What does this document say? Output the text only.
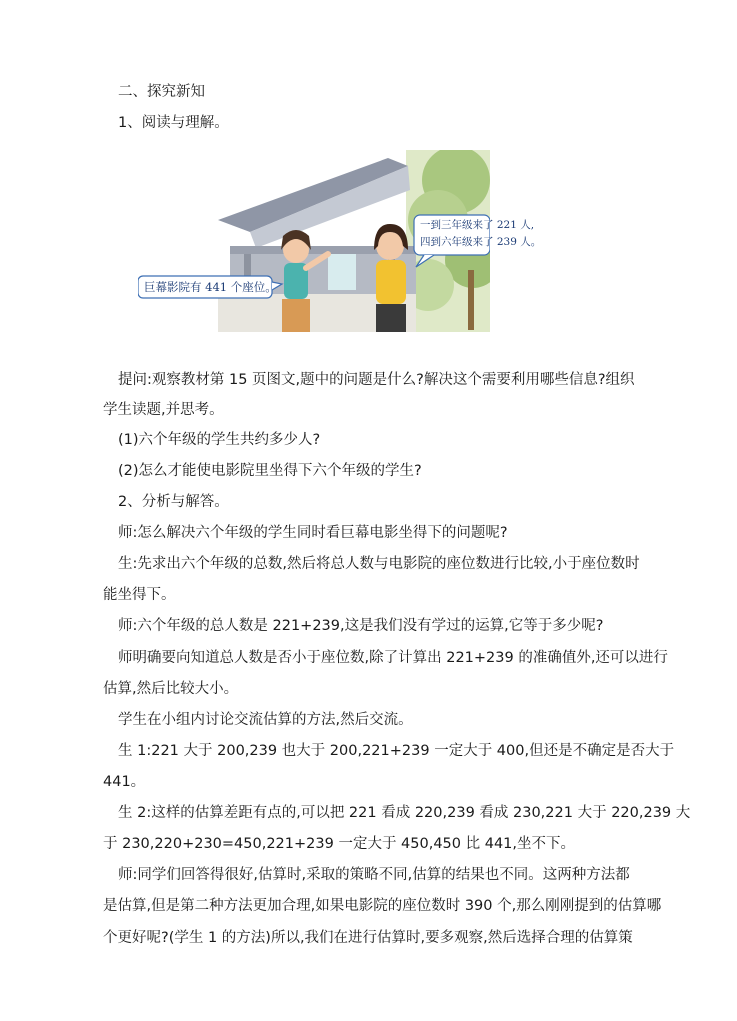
二、探究新知
1、阅读与理解。
巨幕影院有 441 个座位。
一到三年级来了 221 人,
四到六年级来了 239 人。
提问:观察教材第 15 页图文,题中的问题是什么?解决这个需要利用哪些信息?组织
学生读题,并思考。
(1)六个年级的学生共约多少人?
(2)怎么才能使电影院里坐得下六个年级的学生?
2、分析与解答。
师:怎么解决六个年级的学生同时看巨幕电影坐得下的问题呢?
生:先求出六个年级的总数,然后将总人数与电影院的座位数进行比较,小于座位数时
能坐得下。
师:六个年级的总人数是 221+239,这是我们没有学过的运算,它等于多少呢?
师明确要向知道总人数是否小于座位数,除了计算出 221+239 的准确值外,还可以进行
估算,然后比较大小。
学生在小组内讨论交流估算的方法,然后交流。
生 1:221 大于 200,239 也大于 200,221+239 一定大于 400,但还是不确定是否大于
441。
生 2:这样的估算差距有点的,可以把 221 看成 220,239 看成 230,221 大于 220,239 大
于 230,220+230=450,221+239 一定大于 450,450 比 441,坐不下。
师:同学们回答得很好,估算时,采取的策略不同,估算的结果也不同。这两种方法都
是估算,但是第二种方法更加合理,如果电影院的座位数时 390 个,那么刚刚提到的估算哪
个更好呢?(学生 1 的方法)所以,我们在进行估算时,要多观察,然后选择合理的估算策
